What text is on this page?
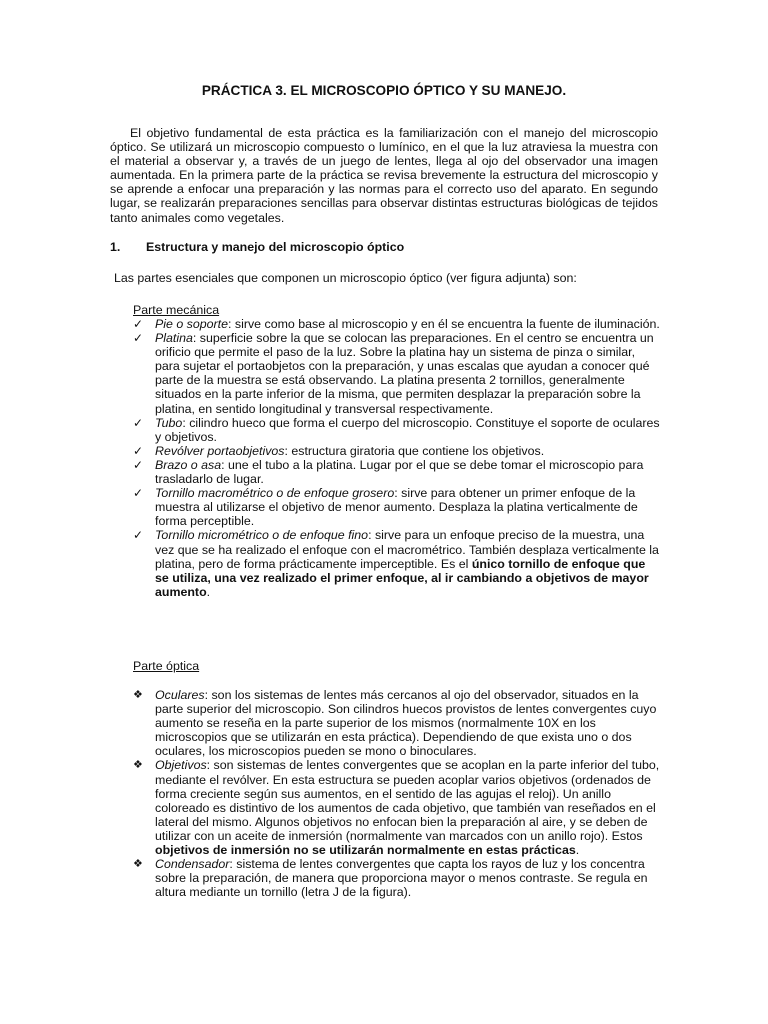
PRÁCTICA 3. EL MICROSCOPIO ÓPTICO Y SU MANEJO.

El objetivo fundamental de esta práctica es la familiarización con el manejo del microscopio óptico. Se utilizará un microscopio compuesto o lumínico, en el que la luz atraviesa la muestra con el material a observar y, a través de un juego de lentes, llega al ojo del observador una imagen aumentada. En la primera parte de la práctica se revisa brevemente la estructura del microscopio y se aprende a enfocar una preparación y las normas para el correcto uso del aparato. En segundo lugar, se realizarán preparaciones sencillas para observar distintas estructuras biológicas de tejidos tanto animales como vegetales.

1. Estructura y manejo del microscopio óptico
Las partes esenciales que componen un microscopio óptico (ver figura adjunta) son:
Parte mecánica
✓ Pie o soporte: sirve como base al microscopio y en él se encuentra la fuente de iluminación.
✓ Platina: superficie sobre la que se colocan las preparaciones. En el centro se encuentra un orificio que permite el paso de la luz. Sobre la platina hay un sistema de pinza o similar, para sujetar el portaobjetos con la preparación, y unas escalas que ayudan a conocer qué parte de la muestra se está observando. La platina presenta 2 tornillos, generalmente situados en la parte inferior de la misma, que permiten desplazar la preparación sobre la platina, en sentido longitudinal y transversal respectivamente.
✓ Tubo: cilindro hueco que forma el cuerpo del microscopio. Constituye el soporte de oculares y objetivos.
✓ Revólver portaobjetivos: estructura giratoria que contiene los objetivos.
✓ Brazo o asa: une el tubo a la platina. Lugar por el que se debe tomar el microscopio para trasladarlo de lugar.
✓ Tornillo macrométrico o de enfoque grosero: sirve para obtener un primer enfoque de la muestra al utilizarse el objetivo de menor aumento. Desplaza la platina verticalmente de forma perceptible.
✓ Tornillo micrométrico o de enfoque fino: sirve para un enfoque preciso de la muestra, una vez que se ha realizado el enfoque con el macrométrico. También desplaza verticalmente la platina, pero de forma prácticamente imperceptible. Es el único tornillo de enfoque que se utiliza, una vez realizado el primer enfoque, al ir cambiando a objetivos de mayor aumento.
Parte óptica
❖ Oculares: son los sistemas de lentes más cercanos al ojo del observador, situados en la parte superior del microscopio. Son cilindros huecos provistos de lentes convergentes cuyo aumento se reseña en la parte superior de los mismos (normalmente 10X en los microscopios que se utilizarán en esta práctica). Dependiendo de que exista uno o dos oculares, los microscopios pueden se mono o binoculares.
❖ Objetivos: son sistemas de lentes convergentes que se acoplan en la parte inferior del tubo, mediante el revólver. En esta estructura se pueden acoplar varios objetivos (ordenados de forma creciente según sus aumentos, en el sentido de las agujas el reloj). Un anillo coloreado es distintivo de los aumentos de cada objetivo, que también van reseñados en el lateral del mismo. Algunos objetivos no enfocan bien la preparación al aire, y se deben de utilizar con un aceite de inmersión (normalmente van marcados con un anillo rojo). Estos objetivos de inmersión no se utilizarán normalmente en estas prácticas.
❖ Condensador: sistema de lentes convergentes que capta los rayos de luz y los concentra sobre la preparación, de manera que proporciona mayor o menos contraste. Se regula en altura mediante un tornillo (letra J de la figura).
